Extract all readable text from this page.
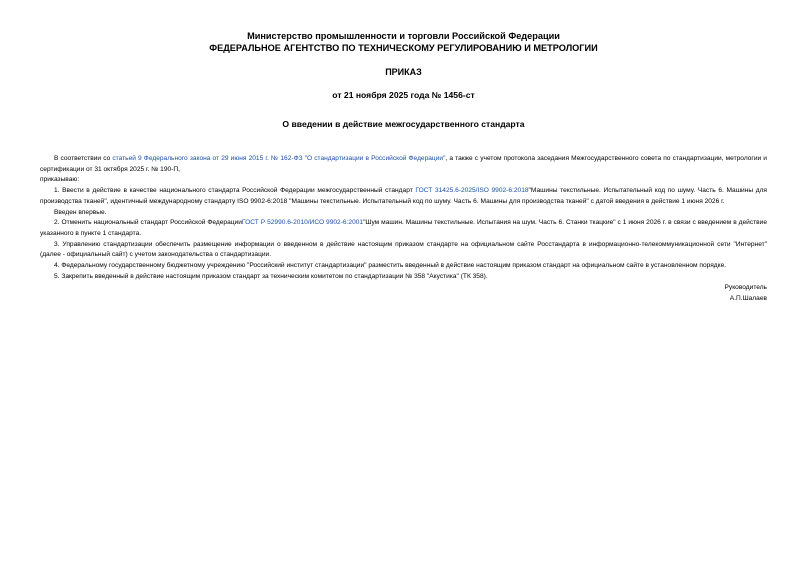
Министерство промышленности и торговли Российской Федерации
ФЕДЕРАЛЬНОЕ АГЕНТСТВО ПО ТЕХНИЧЕСКОМУ РЕГУЛИРОВАНИЮ И МЕТРОЛОГИИ
ПРИКАЗ
от 21 ноября 2025 года № 1456-ст
О введении в действие межгосударственного стандарта

В соответствии со статьей 9 Федерального закона от 29 июня 2015 г. № 162-ФЗ "О стандартизации в Российской Федерации", а также с учетом протокола заседания Межгосударственного совета по стандартизации, метрологии и сертификации от 31 октября 2025 г. № 190-П,

приказываю:

1. Ввести в действие в качестве национального стандарта Российской Федерации межгосударственный стандарт ГОСТ 31425.6-2025/ISO 9902-6:2018"Машины текстильные. Испытательный код по шуму. Часть 6. Машины для производства тканей", идентичный международному стандарту ISO 9902-6:2018 "Машины текстильные. Испытательный код по шуму. Часть 6. Машины для производства тканей" с датой введения в действие 1 июня 2026 г.

Введен впервые.

2. Отменить национальный стандарт Российской ФедерацииГОСТ Р 52990.6-2010/ИСО 9902-6:2001"Шум машин. Машины текстильные. Испытания на шум. Часть 6. Станки ткацкие" с 1 июня 2026 г. в связи с введением в действие указанного в пункте 1 стандарта.

3. Управлению стандартизации обеспечить размещение информации о введенном в действие настоящим приказом стандарте на официальном сайте Росстандарта в информационно-телекоммуникационной сети "Интернет" (далее - официальный сайт) с учетом законодательства о стандартизации.

4. Федеральному государственному бюджетному учреждению "Российский институт стандартизации" разместить введенный в действие настоящим приказом стандарт на официальном сайте в установленном порядке.

5. Закрепить введенный в действие настоящим приказом стандарт за техническим комитетом по стандартизации № 358 "Акустика" (ТК 358).

Руководитель
А.П.Шалаев
